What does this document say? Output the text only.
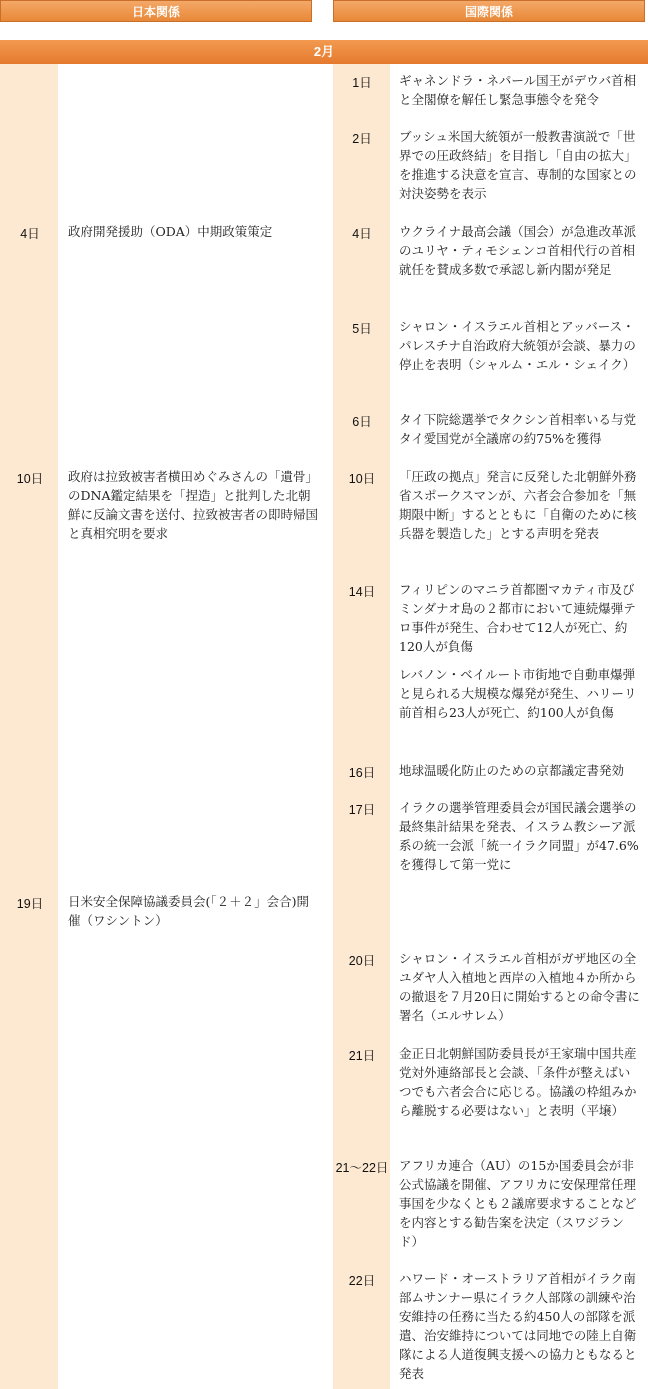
日本関係	国際関係
2月
4日	政府開発援助（ODA）中期政策策定
10日	政府は拉致被害者横田めぐみさんの「遺骨」のDNA鑑定結果を「捏造」と批判した北朝鮮に反論文書を送付、拉致被害者の即時帰国と真相究明を要求
19日	日米安全保障協議委員会(「２＋２」会合)開催（ワシントン）
1日	ギャネンドラ・ネパール国王がデウバ首相と全閣僚を解任し緊急事態令を発令
2日	ブッシュ米国大統領が一般教書演説で「世界での圧政終結」を目指し「自由の拡大」を推進する決意を宣言、専制的な国家との対決姿勢を表示
4日	ウクライナ最高会議（国会）が急進改革派のユリヤ・ティモシェンコ首相代行の首相就任を賛成多数で承認し新内閣が発足
5日	シャロン・イスラエル首相とアッバース・パレスチナ自治政府大統領が会談、暴力の停止を表明（シャルム・エル・シェイク）
6日	タイ下院総選挙でタクシン首相率いる与党タイ愛国党が全議席の約75%を獲得
10日	「圧政の拠点」発言に反発した北朝鮮外務省スポークスマンが、六者会合参加を「無期限中断」するとともに「自衛のために核兵器を製造した」とする声明を発表
14日	フィリピンのマニラ首都圏マカティ市及びミンダナオ島の２都市において連続爆弾テロ事件が発生、合わせて12人が死亡、約120人が負傷
レバノン・ベイルート市街地で自動車爆弾と見られる大規模な爆発が発生、ハリーリ前首相ら23人が死亡、約100人が負傷
16日	地球温暖化防止のための京都議定書発効
17日	イラクの選挙管理委員会が国民議会選挙の最終集計結果を発表、イスラム教シーア派系の統一会派「統一イラク同盟」が47.6%を獲得して第一党に
20日	シャロン・イスラエル首相がガザ地区の全ユダヤ人入植地と西岸の入植地４か所からの撤退を７月20日に開始するとの命令書に署名（エルサレム）
21日	金正日北朝鮮国防委員長が王家瑞中国共産党対外連絡部長と会談、「条件が整えばいつでも六者会合に応じる。協議の枠組みから離脱する必要はない」と表明（平壌）
21～22日 アフリカ連合（AU）の15か国委員会が非公式協議を開催、アフリカに安保理常任理事国を少なくとも２議席要求することなどを内容とする勧告案を決定（スワジランド）
22日	ハワード・オーストラリア首相がイラク南部ムサンナー県にイラク人部隊の訓練や治安維持の任務に当たる約450人の部隊を派遣、治安維持については同地での陸上自衛隊による人道復興支援への協力ともなると発表
